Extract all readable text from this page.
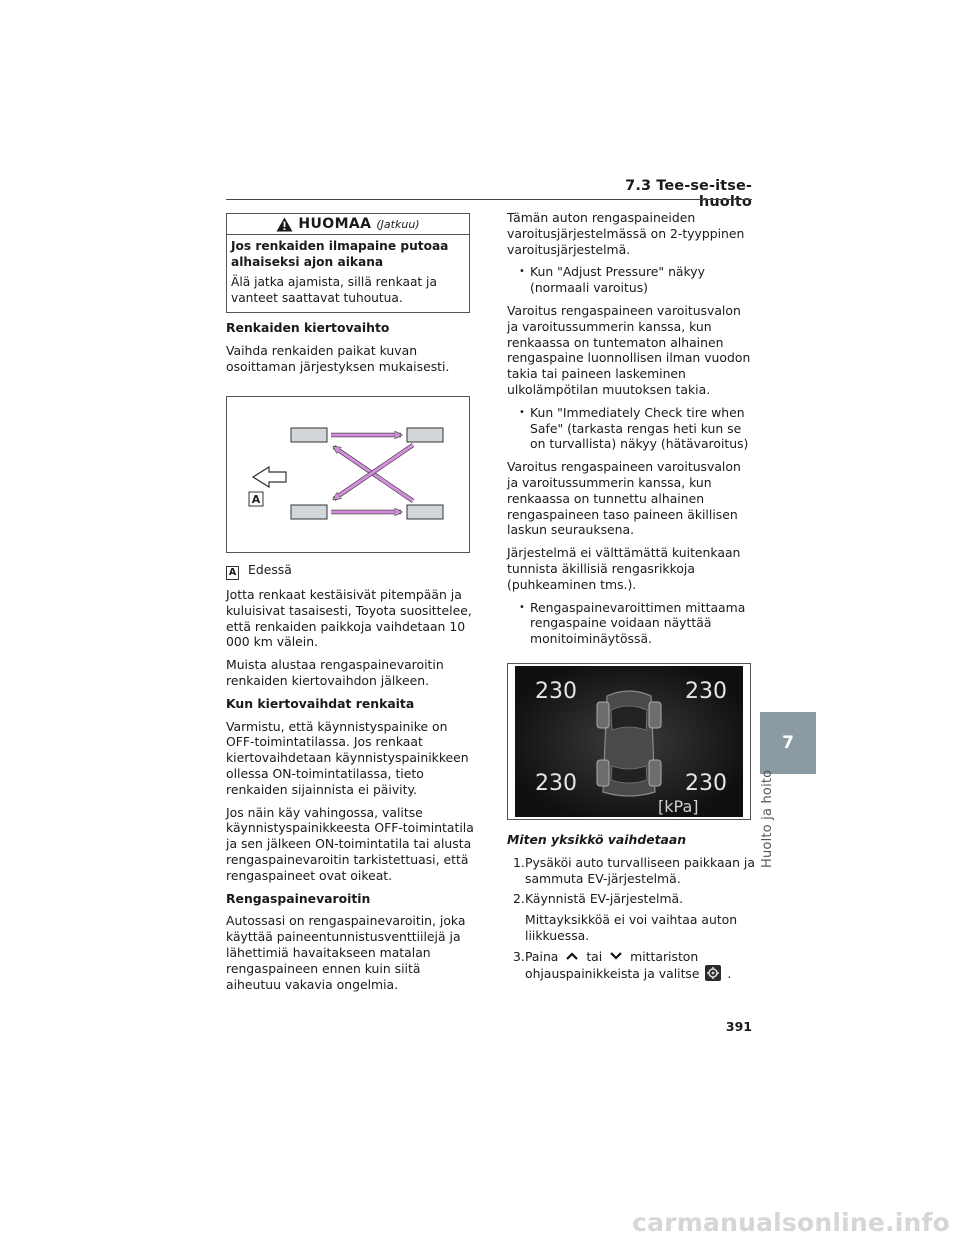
7.3 Tee-se-itse-huolto
HUOMAA (Jatkuu)

Jos renkaiden ilmapaine putoaa alhaiseksi ajon aikana

Älä jatka ajamista, sillä renkaat ja vanteet saattavat tuhoutua.

Renkaiden kiertovaihto

Vaihda renkaiden paikat kuvan osoittaman järjestyksen mukaisesti.

A

A Edessä

Jotta renkaat kestäisivät pitempään ja kuluisivat tasaisesti, Toyota suosittelee, että renkaiden paikkoja vaihdetaan 10 000 km välein.

Muista alustaa rengaspainevaroitin renkaiden kiertovaihdon jälkeen.

Kun kiertovaihdat renkaita

Varmistu, että käynnistyspainike on OFF-toimintatilassa. Jos renkaat kiertovaihdetaan käynnistyspainikkeen ollessa ON-toimintatilassa, tieto renkaiden sijainnista ei päivity.

Jos näin käy vahingossa, valitse käynnistyspainikkeesta OFF-toimintatila ja sen jälkeen ON-toimintatila tai alusta rengaspainevaroitin tarkistettuasi, että rengaspaineet ovat oikeat.

Rengaspainevaroitin

Autossasi on rengaspainevaroitin, joka käyttää paineentunnistusventtiilejä ja lähettimiä havaitakseen matalan rengaspaineen ennen kuin siitä aiheutuu vakavia ongelmia.

Tämän auton rengaspaineiden varoitusjärjestelmässä on 2-tyyppinen varoitusjärjestelmä.

• Kun "Adjust Pressure" näkyy (normaali varoitus)

Varoitus rengaspaineen varoitusvalon ja varoitussummerin kanssa, kun renkaassa on tuntematon alhainen rengaspaine luonnollisen ilman vuodon takia tai paineen laskeminen ulkolämpötilan muutoksen takia.

• Kun "Immediately Check tire when Safe" (tarkasta rengas heti kun se on turvallista) näkyy (hätävaroitus)

Varoitus rengaspaineen varoitusvalon ja varoitussummerin kanssa, kun renkaassa on tunnettu alhainen rengaspaineen taso paineen äkillisen laskun seurauksena.

Järjestelmä ei välttämättä kuitenkaan tunnista äkillisiä rengasrikkoja (puhkeaminen tms.).

• Rengaspainevaroittimen mittaama rengaspaine voidaan näyttää monitoiminäytössä.
230	230
230	230
[kPa]
Miten yksikkö vaihdetaan
1. Pysäköi auto turvalliseen paikkaan ja sammuta EV-järjestelmä.
2. Käynnistä EV-järjestelmä.

Mittayksikköä ei voi vaihtaa auton liikkuessa.

3. Paina tai mittariston ohjauspainikkeista ja valitse .
7
Huolto ja hoito
391
carmanualsonline.info
